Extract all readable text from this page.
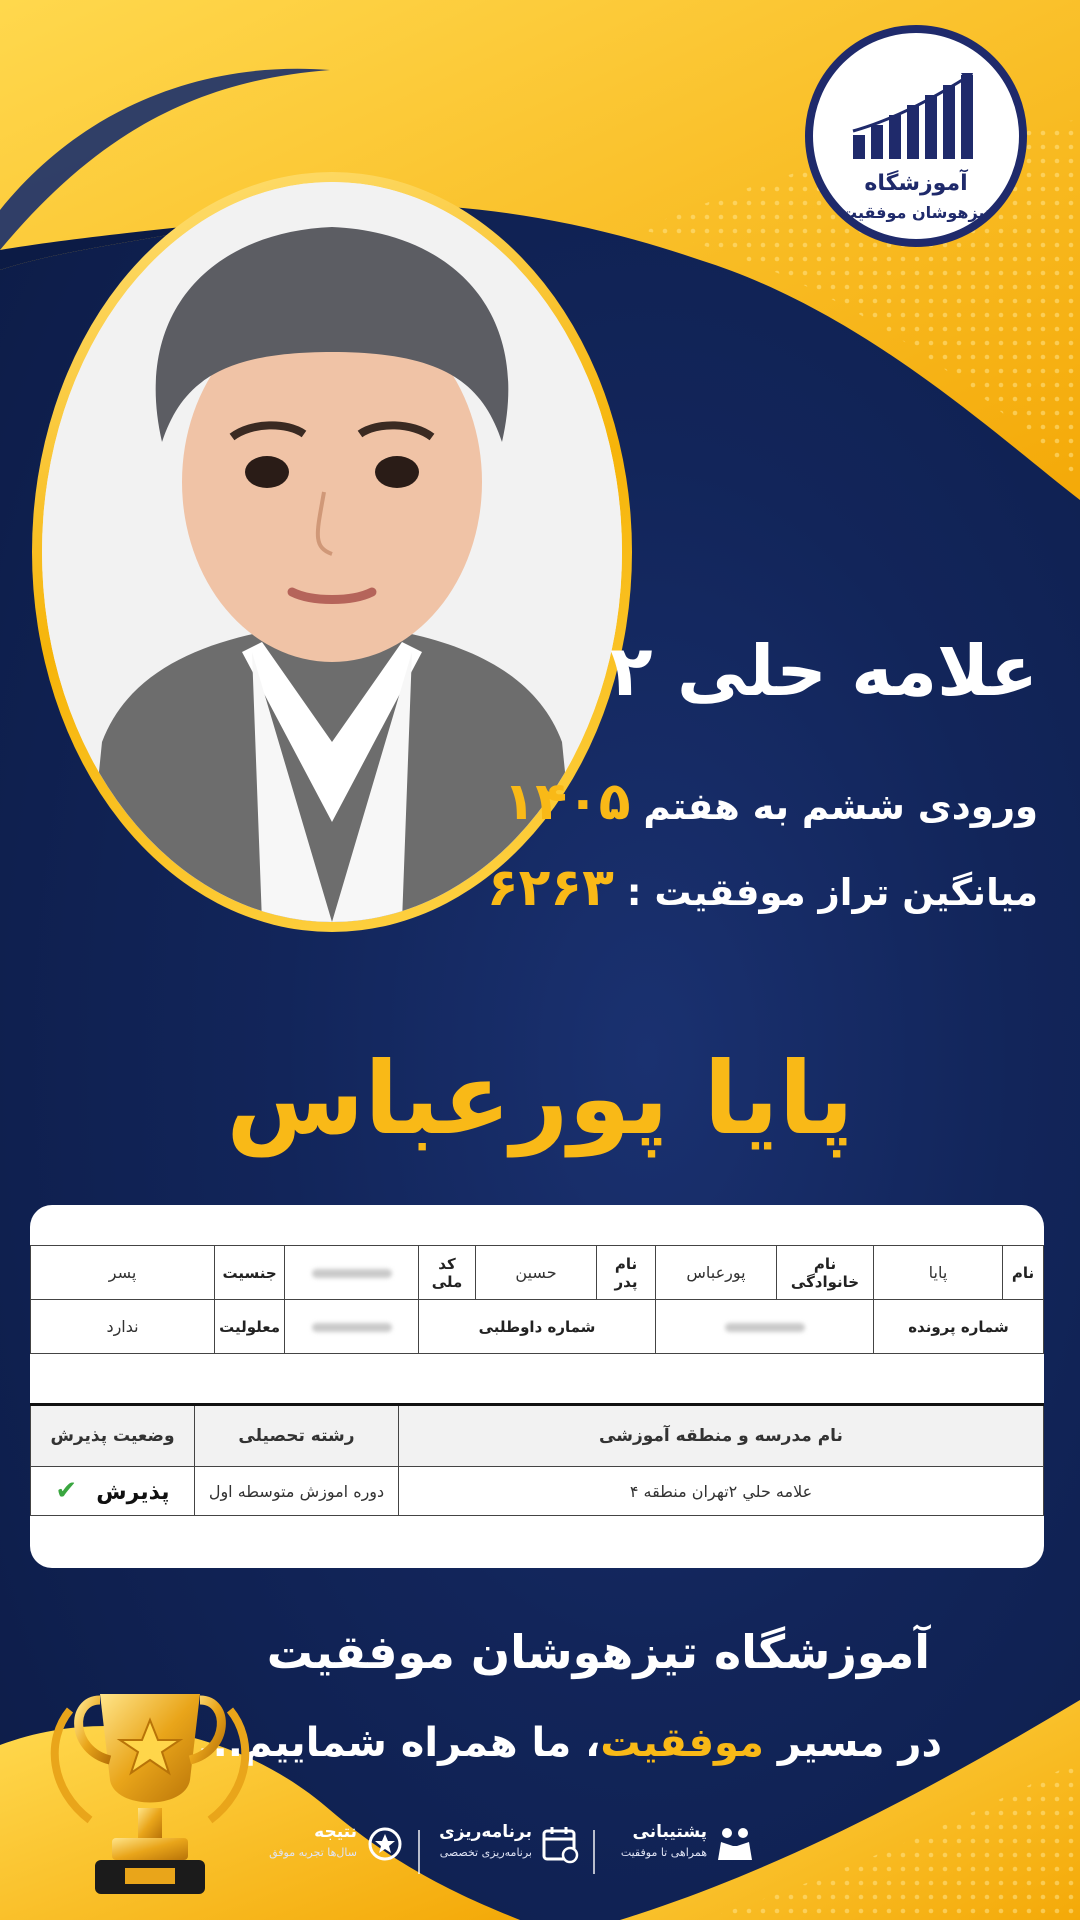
آموزشگاه
تیزهوشان موفقیت
علامه حلی ۲
ورودی ششم به هفتم ۱۴۰۵
میانگین تراز موفقیت : ۶۲۶۳
پایا پورعباس
نام	پایا	نام خانوادگی	پورعباس	نام پدر	حسین	کد ملی		جنسیت	پسر
شماره پرونده				شماره داوطلبی				معلولیت	ندارد
نام مدرسه و منطقه آموزشی	رشته تحصیلی	وضعیت پذیرش
علامه حلي ۲تهران منطقه ۴	دوره اموزش متوسطه اول	پذیرش ✔
آموزشگاه تیزهوشان موفقیت
در مسیر موفقیت، ما همراه شماییم...
پشتیبانی
همراهی تا موفقیت
برنامه‌ریزی
برنامه‌ریزی تخصصی
نتیجه
سال‌ها تجربه موفق
